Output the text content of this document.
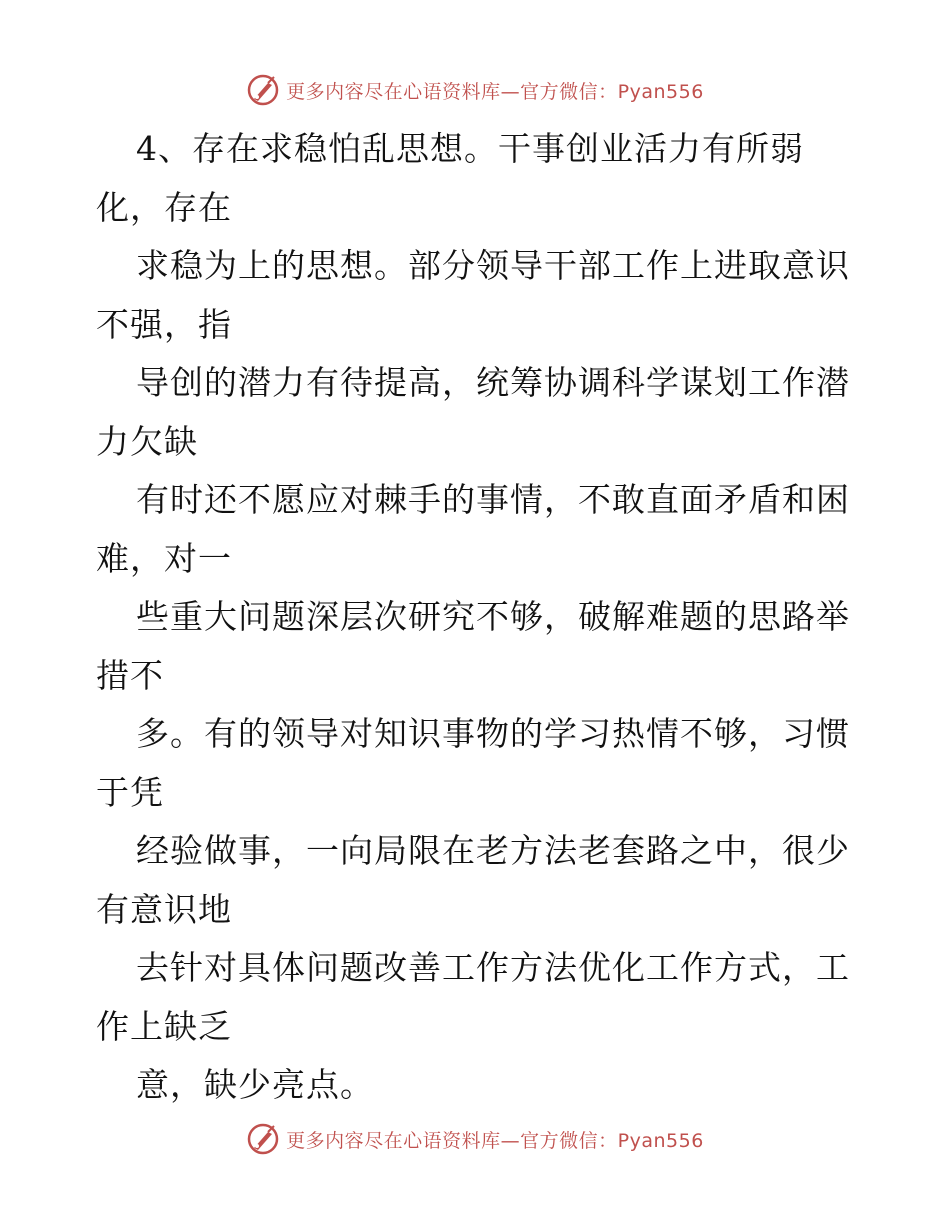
更多内容尽在心语资料库—官方微信：Pyan556
4、存在求稳怕乱思想。干事创业活力有所弱
化，存在
求稳为上的思想。部分领导干部工作上进取意识
不强，指
导创的潜力有待提高，统筹协调科学谋划工作潜
力欠缺
有时还不愿应对棘手的事情，不敢直面矛盾和困
难，对一
些重大问题深层次研究不够，破解难题的思路举
措不
多。有的领导对知识事物的学习热情不够，习惯
于凭
经验做事，一向局限在老方法老套路之中，很少
有意识地
去针对具体问题改善工作方法优化工作方式，工
作上缺乏
意，缺少亮点。
更多内容尽在心语资料库—官方微信：Pyan556
